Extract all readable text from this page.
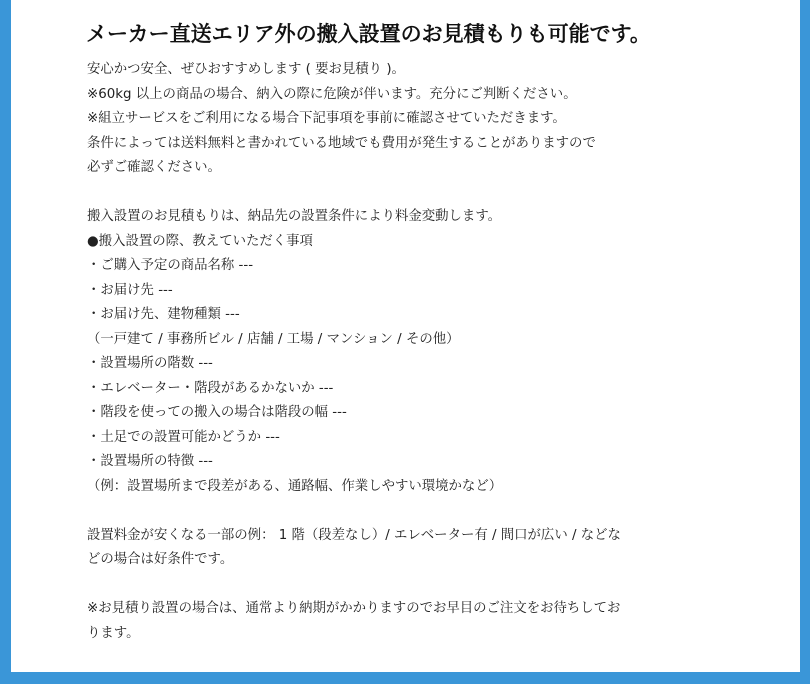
メーカー直送エリア外の搬入設置のお見積もりも可能です。
安心かつ安全、ぜひおすすめします ( 要お見積り )。
※60kg 以上の商品の場合、納入の際に危険が伴います。充分にご判断ください。
※組立サービスをご利用になる場合下記事項を事前に確認させていただきます。
条件によっては送料無料と書かれている地域でも費用が発生することがありますので
必ずご確認ください。
搬入設置のお見積もりは、納品先の設置条件により料金変動します。
●搬入設置の際、教えていただく事項
・ご購入予定の商品名称 ---
・お届け先 ---
・お届け先、建物種類 ---
（一戸建て / 事務所ビル / 店舗 / 工場 / マンション / その他）
・設置場所の階数 ---
・エレベーター・階段があるかないか ---
・階段を使っての搬入の場合は階段の幅 ---
・土足での設置可能かどうか ---
・設置場所の特徴 ---
（例：設置場所まで段差がある、通路幅、作業しやすい環境かなど）
設置料金が安くなる一部の例： 1 階（段差なし）/ エレベーター有 / 間口が広い / などな
どの場合は好条件です。
※お見積り設置の場合は、通常より納期がかかりますのでお早目のご注文をお待ちしてお
ります。
